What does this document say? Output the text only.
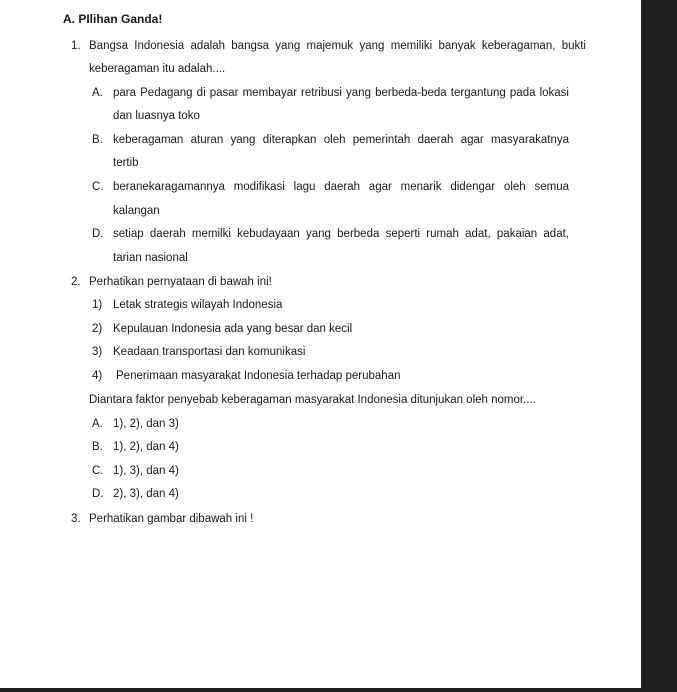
A. PIlihan Ganda!
1. Bangsa Indonesia adalah bangsa yang majemuk yang memiliki banyak keberagaman, bukti
keberagaman itu adalah....
A. para Pedagang di pasar membayar retribusi yang berbeda-beda tergantung pada lokasi
dan luasnya toko
B. keberagaman aturan yang diterapkan oleh pemerintah daerah agar masyarakatnya
tertib
C. beranekaragamannya modifikasi lagu daerah agar menarik didengar oleh semua
kalangan
D. setiap daerah memilki kebudayaan yang berbeda seperti rumah adat, pakaian adat,
tarian nasional
2. Perhatikan pernyataan di bawah ini!
1) Letak strategis wilayah Indonesia
2) Kepulauan Indonesia ada yang besar dan kecil
3) Keadaan transportasi dan komunikasi
4) Penerimaan masyarakat Indonesia terhadap perubahan
Diantara faktor penyebab keberagaman masyarakat Indonesia ditunjukan oleh nomor....
A. 1), 2), dan 3)
B. 1), 2), dan 4)
C. 1), 3), dan 4)
D. 2), 3), dan 4)
3. Perhatikan gambar dibawah ini !
